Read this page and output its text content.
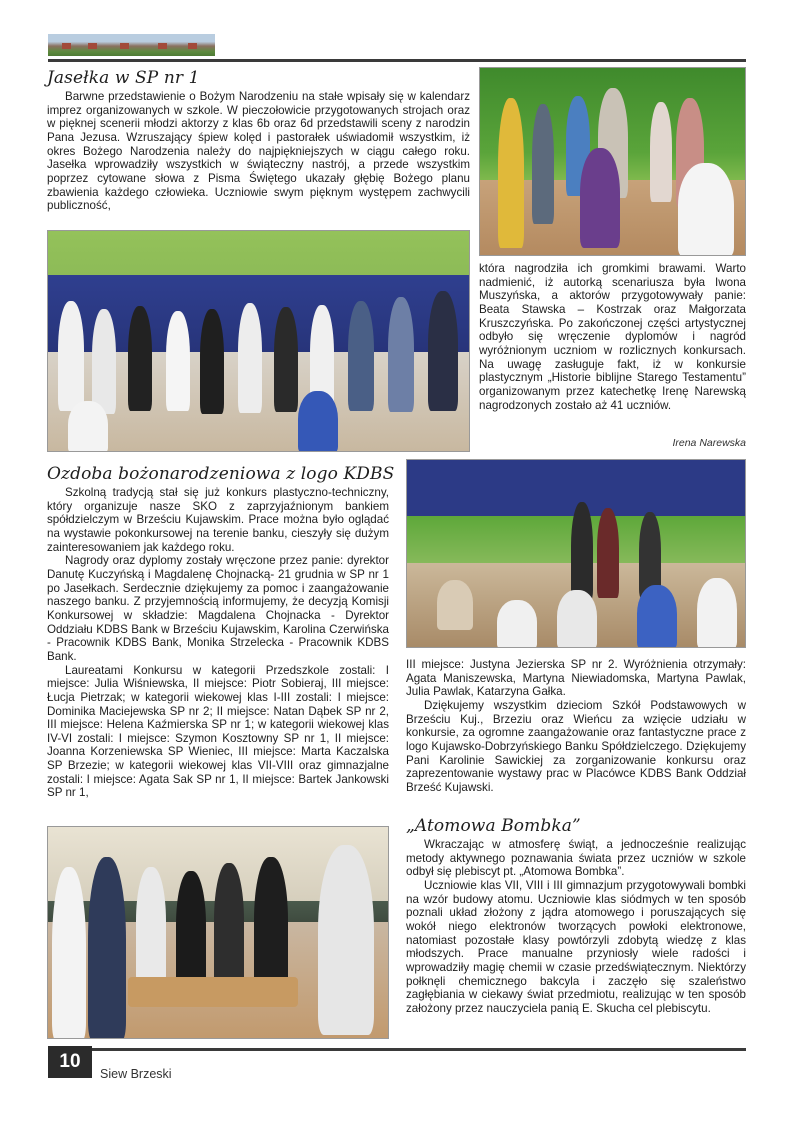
Jasełka w SP nr 1

Barwne przedstawienie o Bożym Narodzeniu na stałe wpisały się w kalendarz imprez organizowanych w szkole. W pieczołowicie przygotowanych strojach oraz w pięknej scenerii młodzi aktorzy z klas 6b oraz 6d przedstawili sceny z narodzin Pana Jezusa. Wzruszający śpiew kolęd i pastorałek uświadomił wszystkim, iż okres Bożego Narodzenia należy do najpiękniejszych w ciągu całego roku. Jasełka wprowadziły wszystkich w świąteczny nastrój, a przede wszystkim poprzez cytowane słowa z Pisma Świętego ukazały głębię Bożego planu zbawienia każdego człowieka. Uczniowie swym pięknym występem zachwycili publiczność,

która nagrodziła ich gromkimi brawami. Warto nadmienić, iż autorką scenariusza była Iwona Muszyńska, a aktorów przygotowywały panie: Beata Stawska – Kostrzak oraz Małgorzata Kruszczyńska. Po zakończonej części artystycznej odbyło się wręczenie dyplomów i nagród wyróżnionym uczniom w rozlicznych konkursach. Na uwagę zasługuje fakt, iż w konkursie plastycznym „Historie biblijne Starego Testamentu” organizowanym przez katechetkę Irenę Narewską nagrodzonych zostało aż 41 uczniów.

Irena Narewska
Ozdoba bożonarodzeniowa z logo KDBS

Szkolną tradycją stał się już konkurs plastyczno-techniczny, który organizuje nasze SKO z zaprzyjaźnionym bankiem spółdzielczym w Brześciu Kujawskim. Prace można było oglądać na wystawie pokonkursowej na terenie banku, cieszyły się dużym zainteresowaniem jak każdego roku.

Nagrody oraz dyplomy zostały wręczone przez panie: dyrektor Danutę Kuczyńską i Magdalenę Chojnacką- 21 grudnia w SP nr 1 po Jasełkach. Serdecznie dziękujemy za pomoc i zaangażowanie naszego banku. Z przyjemnością informujemy, że decyzją Komisji Konkursowej w składzie: Magdalena Chojnacka - Dyrektor Oddziału KDBS Bank w Brześciu Kujawskim, Karolina Czerwińska - Pracownik KDBS Bank, Monika Strzelecka - Pracownik KDBS Bank.

Laureatami Konkursu w kategorii Przedszkole zostali: I miejsce: Julia Wiśniewska, II miejsce: Piotr Sobieraj, III miejsce: Łucja Pietrzak; w kategorii wiekowej klas I-III zostali: I miejsce: Dominika Maciejewska SP nr 2; II miejsce: Natan Dąbek SP nr 2, III miejsce: Helena Kaźmierska SP nr 1; w kategorii wiekowej klas IV-VI zostali: I miejsce: Szymon Kosztowny SP nr 1, II miejsce: Joanna Korzeniewska SP Wieniec, III miejsce: Marta Kaczalska SP Brzezie; w kategorii wiekowej klas VII-VIII oraz gimnazjalne zostali: I miejsce: Agata Sak SP nr 1, II miejsce: Bartek Jankowski SP nr 1,

III miejsce: Justyna Jezierska SP nr 2. Wyróżnienia otrzymały: Agata Maniszewska, Martyna Niewiadomska, Martyna Pawlak, Julia Pawlak, Katarzyna Gałka.

Dziękujemy wszystkim dzieciom Szkół Podstawowych w Brześciu Kuj., Brzeziu oraz Wieńcu za wzięcie udziału w konkursie, za ogromne zaangażowanie oraz fantastyczne prace z logo Kujawsko-Dobrzyńskiego Banku Spółdzielczego. Dziękujemy Pani Karolinie Sawickiej za zorganizowanie konkursu oraz zaprezentowanie wystawy prac w Placówce KDBS Bank Oddział Brześć Kujawski.

„Atomowa Bombka”

Wkraczając w atmosferę świąt, a jednocześnie realizując metody aktywnego poznawania świata przez uczniów w szkole odbył się plebiscyt pt. „Atomowa Bombka”.

Uczniowie klas VII, VIII i III gimnazjum przygotowywali bombki na wzór budowy atomu. Uczniowie klas siódmych w ten sposób poznali układ złożony z jądra atomowego i poruszających się wokół niego elektronów tworzących powłoki elektronowe, natomiast pozostałe klasy powtórzyli zdobytą wiedzę z klas młodszych. Prace manualne przyniosły wiele radości i wprowadziły magię chemii w czasie przedświątecznym. Niektórzy połknęli chemicznego bakcyla i zaczęło się szaleństwo zagłębiania w ciekawy świat przedmiotu, realizując w ten sposób założony przez nauczyciela panią E. Skucha cel plebiscytu.

10
Siew Brzeski
